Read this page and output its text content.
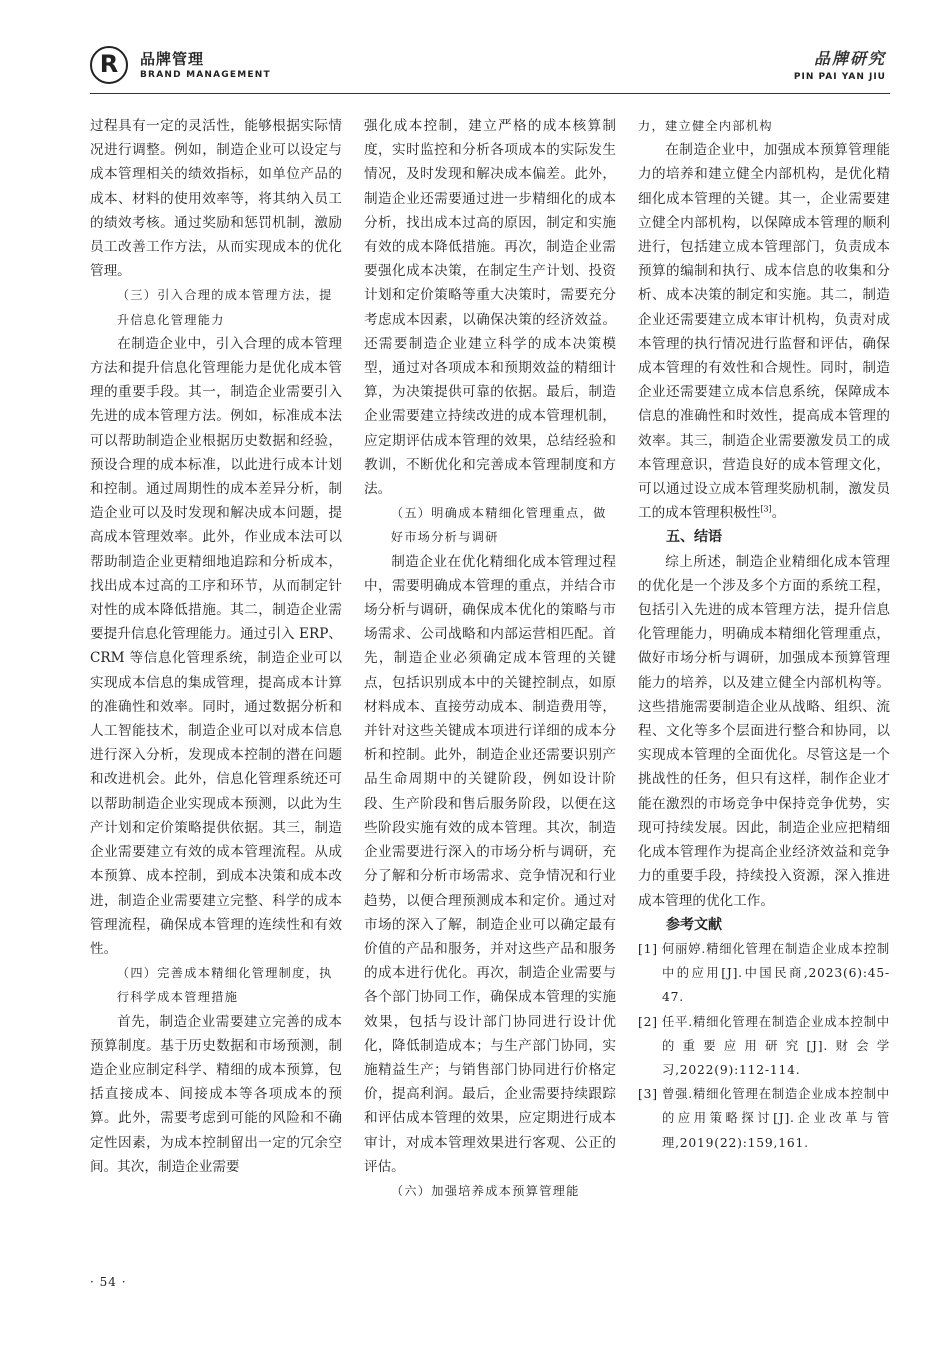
R	品牌管理
BRAND MANAGEMENT
品牌研究
PIN PAI YAN JIU

过程具有一定的灵活性，能够根据实际情况进行调整。例如，制造企业可以设定与成本管理相关的绩效指标，如单位产品的成本、材料的使用效率等，将其纳入员工的绩效考核。通过奖励和惩罚机制，激励员工改善工作方法，从而实现成本的优化管理。

（三）引入合理的成本管理方法，提升信息化管理能力

在制造企业中，引入合理的成本管理方法和提升信息化管理能力是优化成本管理的重要手段。其一，制造企业需要引入先进的成本管理方法。例如，标准成本法可以帮助制造企业根据历史数据和经验，预设合理的成本标准，以此进行成本计划和控制。通过周期性的成本差异分析，制造企业可以及时发现和解决成本问题，提高成本管理效率。此外，作业成本法可以帮助制造企业更精细地追踪和分析成本，找出成本过高的工序和环节，从而制定针对性的成本降低措施。其二，制造企业需要提升信息化管理能力。通过引入 ERP、CRM 等信息化管理系统，制造企业可以实现成本信息的集成管理，提高成本计算的准确性和效率。同时，通过数据分析和人工智能技术，制造企业可以对成本信息进行深入分析，发现成本控制的潜在问题和改进机会。此外，信息化管理系统还可以帮助制造企业实现成本预测，以此为生产计划和定价策略提供依据。其三，制造企业需要建立有效的成本管理流程。从成本预算、成本控制，到成本决策和成本改进，制造企业需要建立完整、科学的成本管理流程，确保成本管理的连续性和有效性。

（四）完善成本精细化管理制度，执行科学成本管理措施

首先，制造企业需要建立完善的成本预算制度。基于历史数据和市场预测，制造企业应制定科学、精细的成本预算，包括直接成本、间接成本等各项成本的预算。此外，需要考虑到可能的风险和不确定性因素，为成本控制留出一定的冗余空间。其次，制造企业需要

强化成本控制，建立严格的成本核算制度，实时监控和分析各项成本的实际发生情况，及时发现和解决成本偏差。此外，制造企业还需要通过进一步精细化的成本分析，找出成本过高的原因，制定和实施有效的成本降低措施。再次，制造企业需要强化成本决策，在制定生产计划、投资计划和定价策略等重大决策时，需要充分考虑成本因素，以确保决策的经济效益。还需要制造企业建立科学的成本决策模型，通过对各项成本和预期效益的精细计算，为决策提供可靠的依据。最后，制造企业需要建立持续改进的成本管理机制，应定期评估成本管理的效果，总结经验和教训，不断优化和完善成本管理制度和方法。

（五）明确成本精细化管理重点，做好市场分析与调研

制造企业在优化精细化成本管理过程中，需要明确成本管理的重点，并结合市场分析与调研，确保成本优化的策略与市场需求、公司战略和内部运营相匹配。首先，制造企业必须确定成本管理的关键点，包括识别成本中的关键控制点，如原材料成本、直接劳动成本、制造费用等，并针对这些关键成本项进行详细的成本分析和控制。此外，制造企业还需要识别产品生命周期中的关键阶段，例如设计阶段、生产阶段和售后服务阶段，以便在这些阶段实施有效的成本管理。其次，制造企业需要进行深入的市场分析与调研，充分了解和分析市场需求、竞争情况和行业趋势，以便合理预测成本和定价。通过对市场的深入了解，制造企业可以确定最有价值的产品和服务，并对这些产品和服务的成本进行优化。再次，制造企业需要与各个部门协同工作，确保成本管理的实施效果，包括与设计部门协同进行设计优化，降低制造成本；与生产部门协同，实施精益生产；与销售部门协同进行价格定价，提高利润。最后，企业需要持续跟踪和评估成本管理的效果，应定期进行成本审计，对成本管理效果进行客观、公正的评估。

（六）加强培养成本预算管理能
力，建立健全内部机构

在制造企业中，加强成本预算管理能力的培养和建立健全内部机构，是优化精细化成本管理的关键。其一，企业需要建立健全内部机构，以保障成本管理的顺利进行，包括建立成本管理部门，负责成本预算的编制和执行、成本信息的收集和分析、成本决策的制定和实施。其二，制造企业还需要建立成本审计机构，负责对成本管理的执行情况进行监督和评估，确保成本管理的有效性和合规性。同时，制造企业还需要建立成本信息系统，保障成本信息的准确性和时效性，提高成本管理的效率。其三，制造企业需要激发员工的成本管理意识，营造良好的成本管理文化，可以通过设立成本管理奖励机制，激发员工的成本管理积极性[3]。

五、结语

综上所述，制造企业精细化成本管理的优化是一个涉及多个方面的系统工程，包括引入先进的成本管理方法，提升信息化管理能力，明确成本精细化管理重点，做好市场分析与调研，加强成本预算管理能力的培养，以及建立健全内部机构等。这些措施需要制造企业从战略、组织、流程、文化等多个层面进行整合和协同，以实现成本管理的全面优化。尽管这是一个挑战性的任务，但只有这样，制作企业才能在激烈的市场竞争中保持竞争优势，实现可持续发展。因此，制造企业应把精细化成本管理作为提高企业经济效益和竞争力的重要手段，持续投入资源，深入推进成本管理的优化工作。

参考文献
[1] 何丽婷.精细化管理在制造企业成本控制中的应用[J].中国民商,2023(6):45-47.
[2] 任平.精细化管理在制造企业成本控制中的重要应用研究[J].财会学习,2022(9):112-114.
[3] 曾强.精细化管理在制造企业成本控制中的应用策略探讨[J].企业改革与管理,2019(22):159,161.
· 54 ·
